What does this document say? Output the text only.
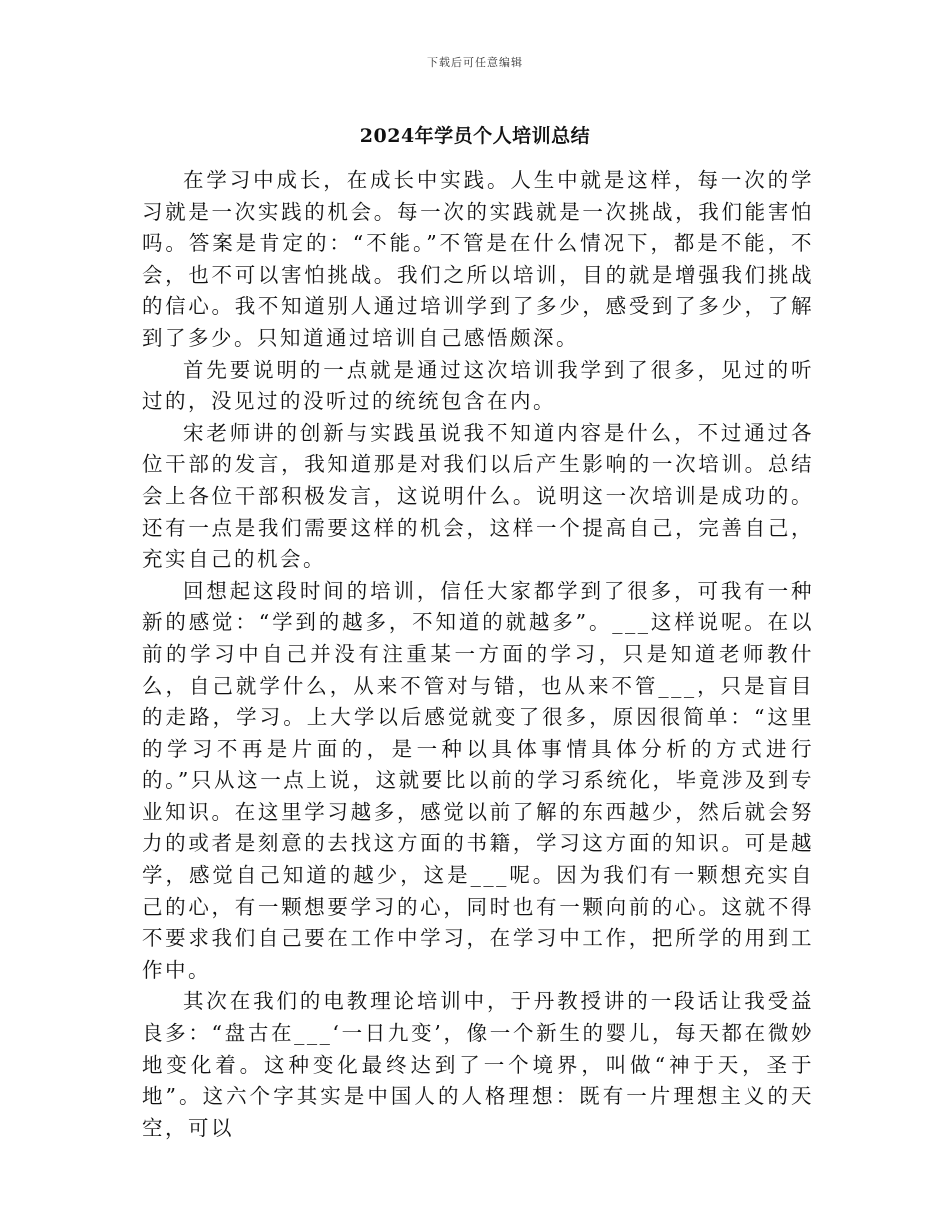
下载后可任意编辑
2024年学员个人培训总结

在学习中成长，在成长中实践。人生中就是这样，每一次的学习就是一次实践的机会。每一次的实践就是一次挑战，我们能害怕吗。答案是肯定的：“不能。”不管是在什么情况下，都是不能，不会，也不可以害怕挑战。我们之所以培训，目的就是增强我们挑战的信心。我不知道别人通过培训学到了多少，感受到了多少，了解到了多少。只知道通过培训自己感悟颇深。

首先要说明的一点就是通过这次培训我学到了很多，见过的听过的，没见过的没听过的统统包含在内。

宋老师讲的创新与实践虽说我不知道内容是什么，不过通过各位干部的发言，我知道那是对我们以后产生影响的一次培训。总结会上各位干部积极发言，这说明什么。说明这一次培训是成功的。还有一点是我们需要这样的机会，这样一个提高自己，完善自己，充实自己的机会。

回想起这段时间的培训，信任大家都学到了很多，可我有一种新的感觉：“学到的越多，不知道的就越多”。___这样说呢。在以前的学习中自己并没有注重某一方面的学习，只是知道老师教什么，自己就学什么，从来不管对与错，也从来不管___，只是盲目的走路，学习。上大学以后感觉就变了很多，原因很简单：“这里的学习不再是片面的，是一种以具体事情具体分析的方式进行的。”只从这一点上说，这就要比以前的学习系统化，毕竟涉及到专业知识。在这里学习越多，感觉以前了解的东西越少，然后就会努力的或者是刻意的去找这方面的书籍，学习这方面的知识。可是越学，感觉自己知道的越少，这是___呢。因为我们有一颗想充实自己的心，有一颗想要学习的心，同时也有一颗向前的心。这就不得不要求我们自己要在工作中学习，在学习中工作，把所学的用到工作中。

其次在我们的电教理论培训中，于丹教授讲的一段话让我受益良多：“盘古在___‘一日九变’，像一个新生的婴儿，每天都在微妙地变化着。这种变化最终达到了一个境界，叫做“神于天，圣于地”。这六个字其实是中国人的人格理想：既有一片理想主义的天空，可以
